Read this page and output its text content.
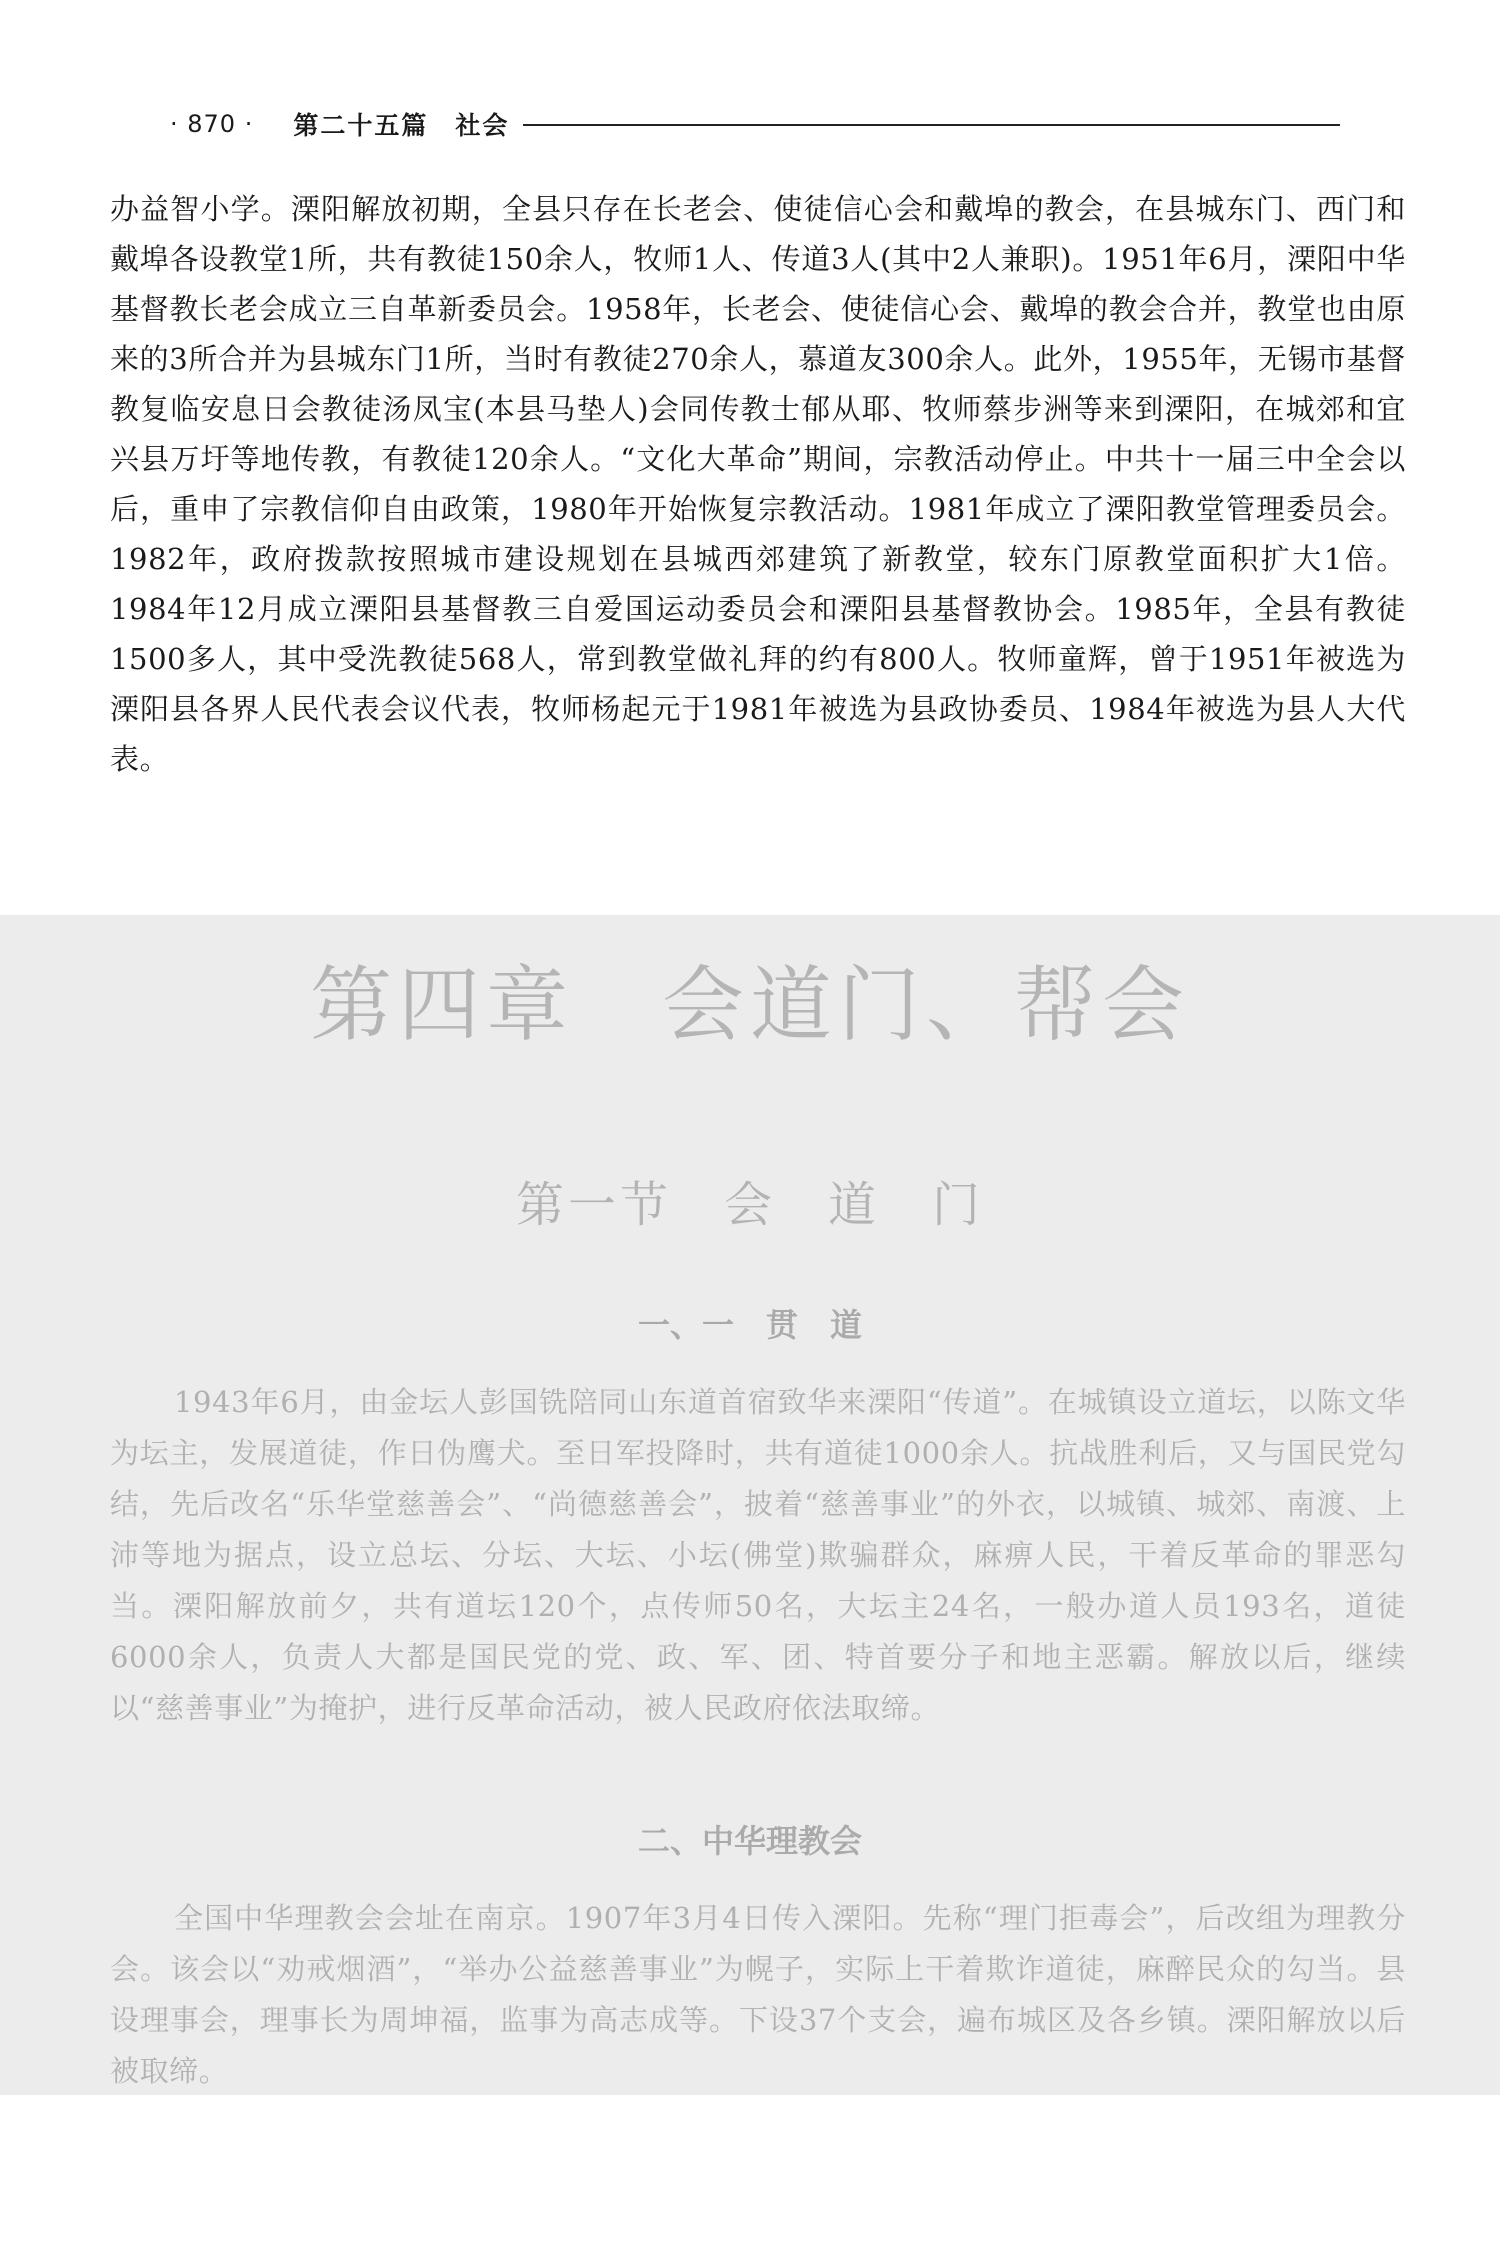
· 870 · 第二十五篇　社会

办益智小学。溧阳解放初期，全县只存在长老会、使徒信心会和戴埠的教会，在县城东门、西门和戴埠各设教堂1所，共有教徒150余人，牧师1人、传道3人(其中2人兼职)。1951年6月，溧阳中华基督教长老会成立三自革新委员会。1958年，长老会、使徒信心会、戴埠的教会合并，教堂也由原来的3所合并为县城东门1所，当时有教徒270余人，慕道友300余人。此外，1955年，无锡市基督教复临安息日会教徒汤凤宝(本县马垫人)会同传教士郁从耶、牧师蔡步洲等来到溧阳，在城郊和宜兴县万圩等地传教，有教徒120余人。“文化大革命”期间，宗教活动停止。中共十一届三中全会以后，重申了宗教信仰自由政策，1980年开始恢复宗教活动。1981年成立了溧阳教堂管理委员会。1982年，政府拨款按照城市建设规划在县城西郊建筑了新教堂，较东门原教堂面积扩大1倍。1984年12月成立溧阳县基督教三自爱国运动委员会和溧阳县基督教协会。1985年，全县有教徒1500多人，其中受洗教徒568人，常到教堂做礼拜的约有800人。牧师童辉，曾于1951年被选为溧阳县各界人民代表会议代表，牧师杨起元于1981年被选为县政协委员、1984年被选为县人大代表。

第四章　会道门、帮会
第一节　会　道　门
一、一　贯　道

1943年6月，由金坛人彭国铣陪同山东道首宿致华来溧阳“传道”。在城镇设立道坛，以陈文华为坛主，发展道徒，作日伪鹰犬。至日军投降时，共有道徒1000余人。抗战胜利后，又与国民党勾结，先后改名“乐华堂慈善会”、“尚德慈善会”，披着“慈善事业”的外衣，以城镇、城郊、南渡、上沛等地为据点，设立总坛、分坛、大坛、小坛(佛堂)欺骗群众，麻痹人民，干着反革命的罪恶勾当。溧阳解放前夕，共有道坛120个，点传师50名，大坛主24名，一般办道人员193名，道徒6000余人，负责人大都是国民党的党、政、军、团、特首要分子和地主恶霸。解放以后，继续以“慈善事业”为掩护，进行反革命活动，被人民政府依法取缔。

二、中华理教会

全国中华理教会会址在南京。1907年3月4日传入溧阳。先称“理门拒毒会”，后改组为理教分会。该会以“劝戒烟酒”，“举办公益慈善事业”为幌子，实际上干着欺诈道徒，麻醉民众的勾当。县设理事会，理事长为周坤福，监事为高志成等。下设37个支会，遍布城区及各乡镇。溧阳解放以后被取缔。
